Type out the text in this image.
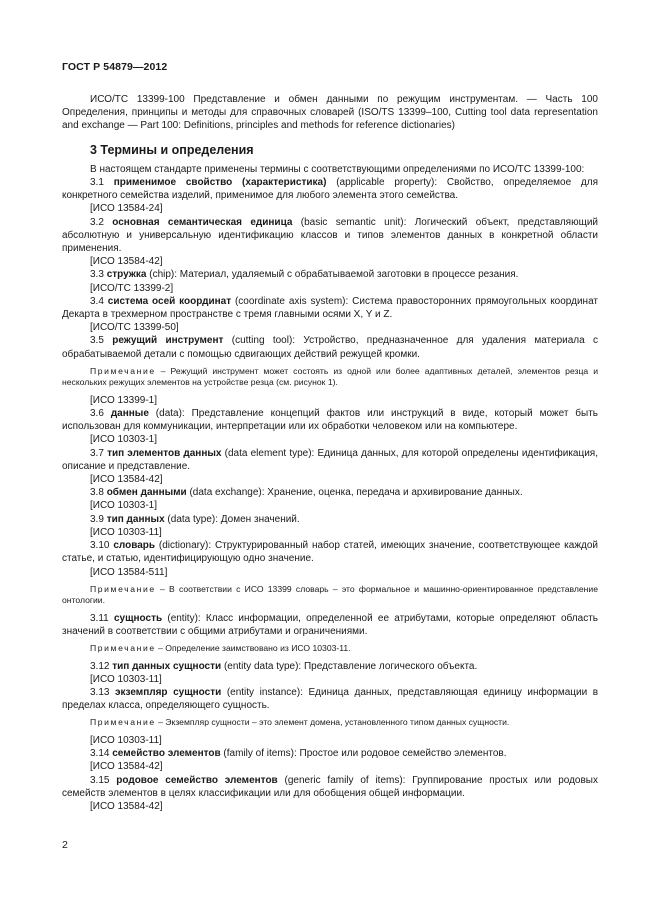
ГОСТ Р 54879—2012

ИСО/ТС 13399-100 Представление и обмен данными по режущим инструментам. — Часть 100 Определения, принципы и методы для справочных словарей (ISO/TS 13399–100, Cutting tool data representation and exchange — Part 100: Definitions, principles and methods for reference dictionaries)

3 Термины и определения

В настоящем стандарте применены термины с соответствующими определениями по ИСО/ТС 13399-100:

3.1 применимое свойство (характеристика) (applicable property): Свойство, определяемое для конкретного семейства изделий, применимое для любого элемента этого семейства.

[ИСО 13584-24]

3.2 основная семантическая единица (basic semantic unit): Логический объект, представляющий абсолютную и универсальную идентификацию классов и типов элементов данных в конкретной области применения.

[ИСО 13584-42]

3.3 стружка (chip): Материал, удаляемый с обрабатываемой заготовки в процессе резания.

[ИСО/ТС 13399-2]

3.4 система осей координат (coordinate axis system): Система правосторонних прямоугольных координат Декарта в трехмерном пространстве с тремя главными осями X, Y и Z.

[ИСО/ТС 13399-50]

3.5 режущий инструмент (cutting tool): Устройство, предназначенное для удаления материала с обрабатываемой детали с помощью сдвигающих действий режущей кромки.

Примечание – Режущий инструмент может состоять из одной или более адаптивных деталей, элементов резца и нескольких режущих элементов на устройстве резца (см. рисунок 1).

[ИСО 13399-1]

3.6 данные (data): Представление концепций фактов или инструкций в виде, который может быть использован для коммуникации, интерпретации или их обработки человеком или на компьютере.

[ИСО 10303-1]

3.7 тип элементов данных (data element type): Единица данных, для которой определены идентификация, описание и представление.

[ИСО 13584-42]

3.8 обмен данными (data exchange): Хранение, оценка, передача и архивирование данных.

[ИСО 10303-1]

3.9 тип данных (data type): Домен значений.

[ИСО 10303-11]

3.10 словарь (dictionary): Структурированный набор статей, имеющих значение, соответствующее каждой статье, и статью, идентифицирующую одно значение.

[ИСО 13584-511]

Примечание – В соответствии с ИСО 13399 словарь – это формальное и машинно-ориентированное представление онтологии.

3.11 сущность (entity): Класс информации, определенной ее атрибутами, которые определяют область значений в соответствии с общими атрибутами и ограничениями.

Примечание – Определение заимствовано из ИСО 10303-11.

3.12 тип данных сущности (entity data type): Представление логического объекта.

[ИСО 10303-11]

3.13 экземпляр сущности (entity instance): Единица данных, представляющая единицу информации в пределах класса, определяющего сущность.

Примечание – Экземпляр сущности – это элемент домена, установленного типом данных сущности.

[ИСО 10303-11]

3.14 семейство элементов (family of items): Простое или родовое семейство элементов.

[ИСО 13584-42]

3.15 родовое семейство элементов (generic family of items): Группирование простых или родовых семейств элементов в целях классификации или для обобщения общей информации.

[ИСО 13584-42]

2
